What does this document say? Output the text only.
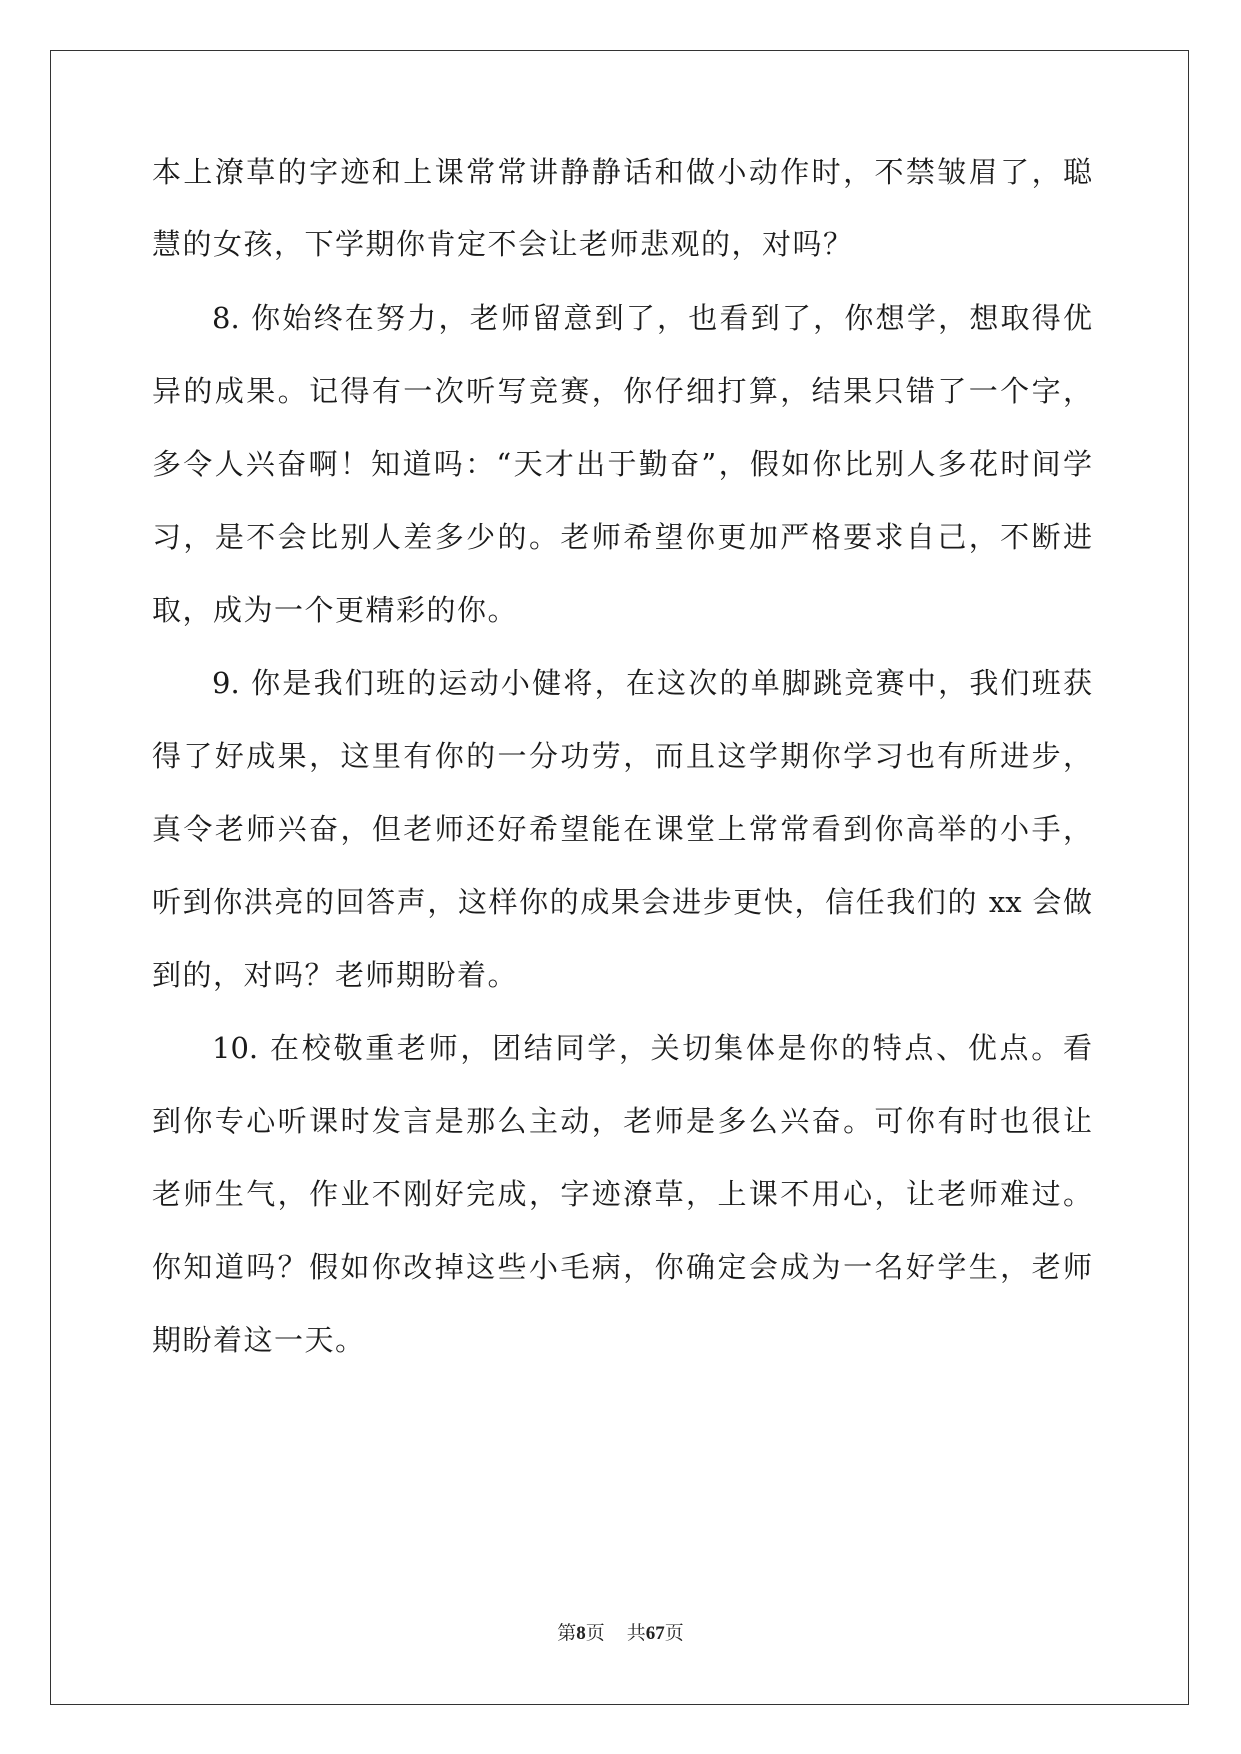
本上潦草的字迹和上课常常讲静静话和做小动作时，不禁皱眉了，聪
慧的女孩，下学期你肯定不会让老师悲观的，对吗？
8. 你始终在努力，老师留意到了，也看到了，你想学，想取得优
异的成果。记得有一次听写竞赛，你仔细打算，结果只错了一个字，
多令人兴奋啊！知道吗：“天才出于勤奋”，假如你比别人多花时间学
习，是不会比别人差多少的。老师希望你更加严格要求自己，不断进
取，成为一个更精彩的你。
9. 你是我们班的运动小健将，在这次的单脚跳竞赛中，我们班获
得了好成果，这里有你的一分功劳，而且这学期你学习也有所进步，
真令老师兴奋，但老师还好希望能在课堂上常常看到你高举的小手，
听到你洪亮的回答声，这样你的成果会进步更快，信任我们的 xx 会做
到的，对吗？老师期盼着。
10. 在校敬重老师，团结同学，关切集体是你的特点、优点。看
到你专心听课时发言是那么主动，老师是多么兴奋。可你有时也很让
老师生气，作业不刚好完成，字迹潦草，上课不用心，让老师难过。
你知道吗？假如你改掉这些小毛病，你确定会成为一名好学生，老师
期盼着这一天。
第8页 共67页
